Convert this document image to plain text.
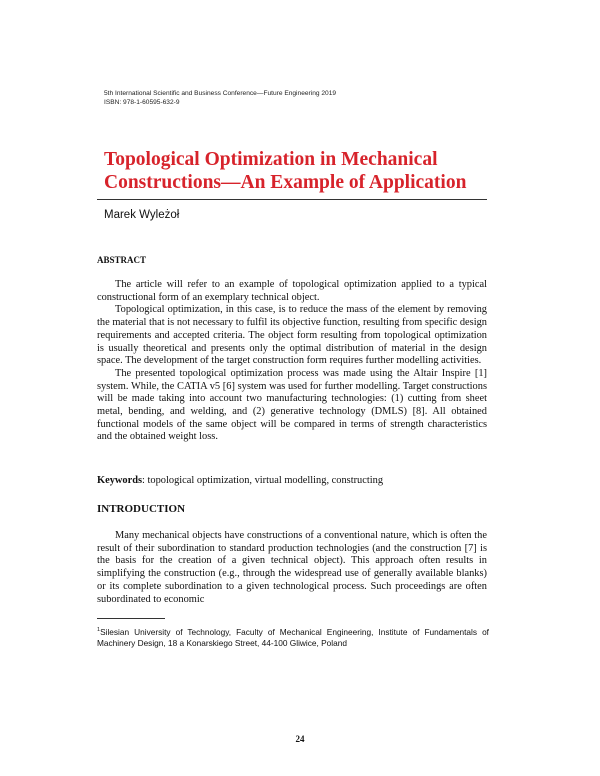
5th International Scientific and Business Conference—Future Engineering 2019
ISBN: 978-1-60595-632-9
Topological Optimization in Mechanical Constructions—An Example of Application
Marek Wyleżoł
ABSTRACT

The article will refer to an example of topological optimization applied to a typical constructional form of an exemplary technical object.

Topological optimization, in this case, is to reduce the mass of the element by removing the material that is not necessary to fulfil its objective function, resulting from specific design requirements and accepted criteria. The object form resulting from topological optimization is usually theoretical and presents only the optimal distribution of material in the design space. The development of the target construction form requires further modelling activities.

The presented topological optimization process was made using the Altair Inspire [1] system. While, the CATIA v5 [6] system was used for further modelling. Target constructions will be made taking into account two manufacturing technologies: (1) cutting from sheet metal, bending, and welding, and (2) generative technology (DMLS) [8]. All obtained functional models of the same object will be compared in terms of strength characteristics and the obtained weight loss.

Keywords: topological optimization, virtual modelling, constructing
INTRODUCTION

Many mechanical objects have constructions of a conventional nature, which is often the result of their subordination to standard production technologies (and the construction [7] is the basis for the creation of a given technical object). This approach often results in simplifying the construction (e.g., through the widespread use of generally available blanks) or its complete subordination to a given technological process. Such proceedings are often subordinated to economic

$^1$Silesian University of Technology, Faculty of Mechanical Engineering, Institute of Fundamentals of Machinery Design, 18 a Konarskiego Street, 44-100 Gliwice, Poland
24
